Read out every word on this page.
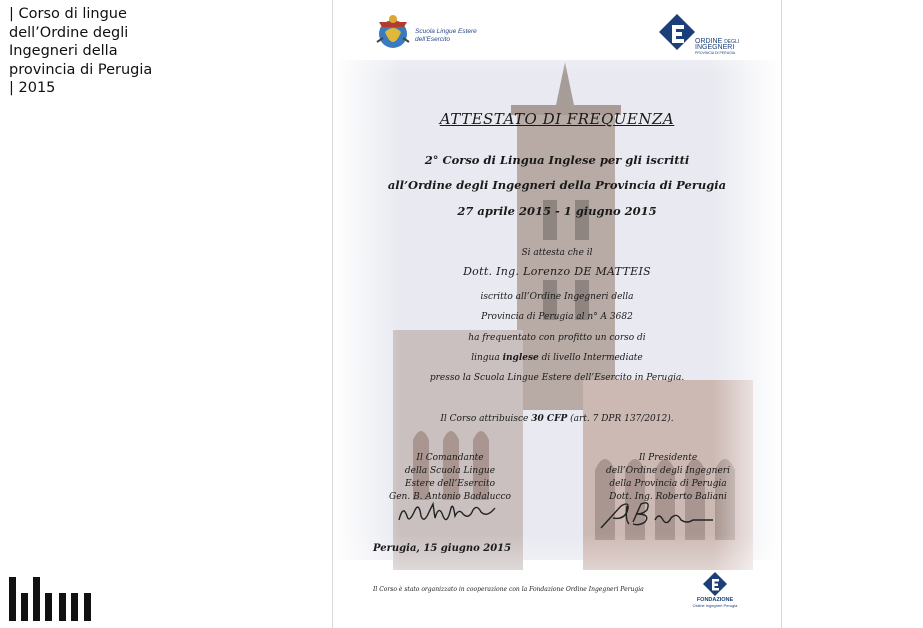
| Corso di lingue
dell’Ordine degli
Ingegneri della
provincia di Perugia
| 2015
Scuola Lingue Estere
dell’Esercito	ORDINE DEGLI
INGEGNERI
PROVINCIA DI PERUGIA
ATTESTATO DI FREQUENZA
2° Corso di Lingua Inglese per gli iscritti
all’Ordine degli Ingegneri della Provincia di Perugia
27 aprile 2015 - 1 giugno 2015
Si attesta che il
Dott. Ing. Lorenzo DE MATTEIS
iscritto all’Ordine Ingegneri della
Provincia di Perugia al n° A 3682
ha frequentato con profitto un corso di
lingua inglese di livello Intermediate
presso la Scuola Lingue Estere dell’Esercito in Perugia.
Il Corso attribuisce 30 CFP (art. 7 DPR 137/2012).
Il Comandante
della Scuola Lingue
Estere dell’Esercito
Gen. B. Antonio Badalucco
Il Presidente
dell’Ordine degli Ingegneri
della Provincia di Perugia
Dott. Ing. Roberto Baliani
Perugia, 15 giugno 2015
Il Corso è stato organizzato in cooperazione con la Fondazione Ordine Ingegneri Perugia
FONDAZIONE
Ordine Ingegneri Perugia
